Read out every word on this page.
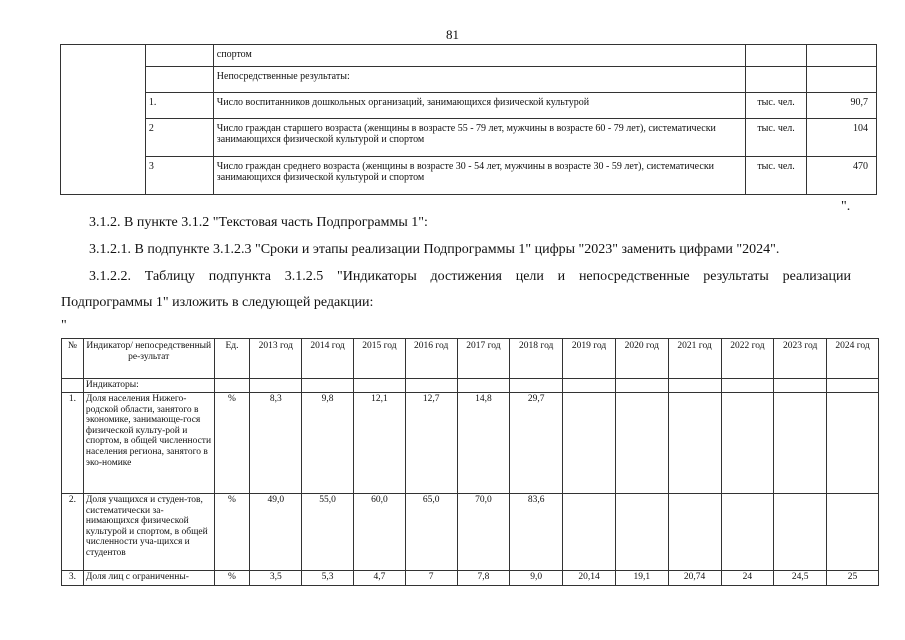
81
		спортом		
		Непосредственные результаты:		
	1.	Число воспитанников дошкольных организаций, занимающихся физической культурой	тыс. чел.	90,7
	2	Число граждан старшего возраста (женщины в возрасте 55 - 79 лет, мужчины в возрасте 60 - 79 лет), систематически занимающихся физической культурой и спортом	тыс. чел.	104
	3	Число граждан среднего возраста (женщины в возрасте 30 - 54 лет, мужчины в возрасте 30 - 59 лет), систематически занимающихся физической культурой и спортом	тыс. чел.	470
".
3.1.2. В пункте 3.1.2 "Текстовая часть Подпрограммы 1":
3.1.2.1. В подпункте 3.1.2.3 "Сроки и этапы реализации Подпрограммы 1" цифры "2023" заменить цифрами "2024".
3.1.2.2. Таблицу подпункта 3.1.2.5 "Индикаторы достижения цели и непосредственные результаты реализации
Подпрограммы 1" изложить в следующей редакции:
"
№	Индикатор/ непосредственный ре-зультат	Ед.	2013 год	2014 год	2015 год	2016 год	2017 год	2018 год	2019 год	2020 год	2021 год	2022 год	2023 год	2024 год
	Индикаторы:													
1.	Доля населения Нижего-родской области, занятого в экономике, занимающе-гося физической культу-рой и спортом, в общей численности населения региона, занятого в эко-номике	%	8,3	9,8	12,1	12,7	14,8	29,7						
2.	Доля учащихся и студен-тов, систематически за-нимающихся физической культурой и спортом, в общей численности уча-щихся и студентов	%	49,0	55,0	60,0	65,0	70,0	83,6						
3.	Доля лиц с ограниченны-	%	3,5	5,3	4,7	7	7,8	9,0	20,14	19,1	20,74	24	24,5	25
